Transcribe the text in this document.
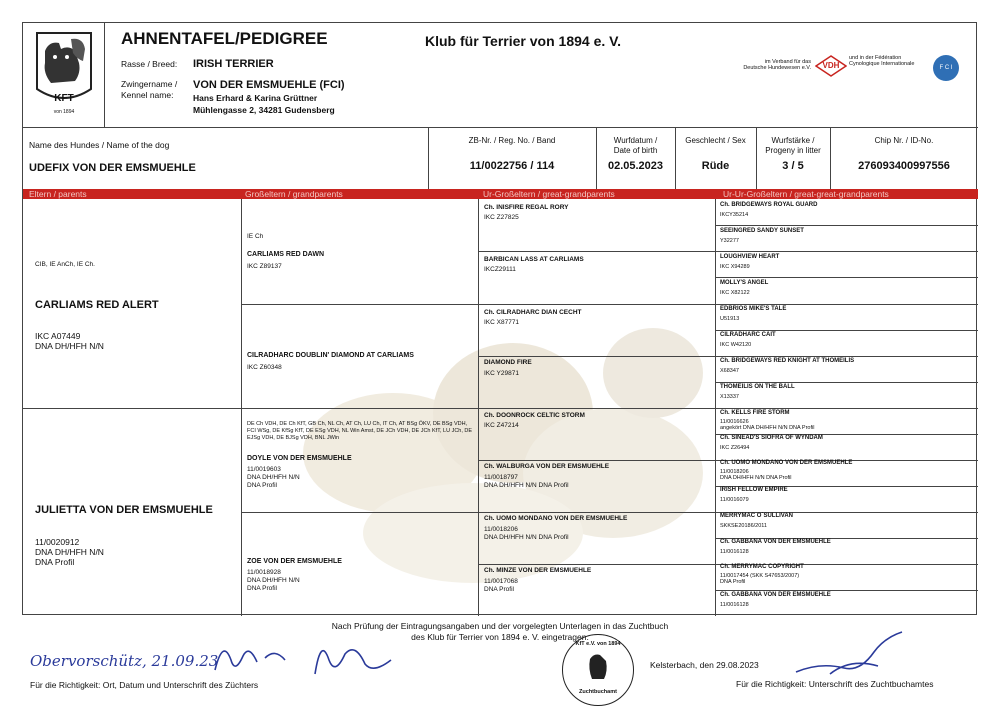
KFT
von 1894
AHNENTAFEL/PEDIGREE	Klub für Terrier von 1894 e. V.
Rasse / Breed: IRISH TERRIER
Zwingername /
Kennel name:
VON DER EMSMUEHLE (FCI)
Hans Erhard & Karina Grüttner
Mühlengasse 2, 34281 Gudensberg
im Verband für das
Deutsche Hundewesen e.V.	VDH
und in der Fédération
Cynologique Internationale
F C I
Name des Hundes / Name of the dog
UDEFIX VON DER EMSMUEHLE
ZB-Nr. / Reg. No. / Band
11/0022756 / 114
Wurfdatum /
Date of birth
02.05.2023
Geschlecht / Sex
Rüde
Wurfstärke /
Progeny in litter
3 / 5
Chip Nr. / ID-No.
276093400997556
Eltern / parents	Großeltern / grandparents	Ur-Großeltern / great-grandparents	Ur-Ur-Großeltern / great-great-grandparents
CIB, IE AnCh, IE Ch.
CARLIAMS RED ALERT
IKC A07449
DNA DH/HFH N/N
JULIETTA VON DER EMSMUEHLE
11/0020912
DNA DH/HFH N/N
DNA Profil
IE Ch
CARLIAMS RED DAWN
IKC Z89137
CILRADHARC DOUBLIN' DIAMOND AT CARLIAMS
IKC Z60348
DE Ch VDH, DE Ch KfT, GB Ch, NL Ch, AT Ch, LU Ch, IT Ch, AT BSg ÖKV, DE BSg VDH, FCI WSg, DE KfSg KfT, DE ESg VDH, NL Win Amst, DE JCh VDH, DE JCh KfT, LU JCh, DE EJSg VDH, DE BJSg VDH, BNL JWin
DOYLE VON DER EMSMUEHLE
11/0019603
DNA DH/HFH N/N
DNA Profil
ZOE VON DER EMSMUEHLE
11/0018928
DNA DH/HFH N/N
DNA Profil
Ch. INISFIRE REGAL RORY
IKC Z27825
BARBICAN LASS AT CARLIAMS
IKCZ29111
Ch. CILRADHARC DIAN CECHT
IKC X87771
DIAMOND FIRE
IKC Y29871
Ch. DOONROCK CELTIC STORM
IKC Z47214
Ch. WALBURGA VON DER EMSMUEHLE
11/0018797
DNA DH/HFH N/N DNA Profil
Ch. UOMO MONDANO VON DER EMSMUEHLE
11/0018206
DNA DH/HFH N/N DNA Profil
Ch. MINZE VON DER EMSMUEHLE
11/0017068
DNA Profil
Ch. BRIDGEWAYS ROYAL GUARD
IKCY35214
SEEINGRED SANDY SUNSET
Y32277
LOUGHVIEW HEART
IKC X94289
MOLLY'S ANGEL
IKC X82122
EDBRIOS MIKE'S TALE
U51913
CILRADHARC CAIT
IKC W42120
Ch. BRIDGEWAYS RED KNIGHT AT THOMEILIS
X68347
THOMEILIS ON THE BALL
X13337
Ch. KELLS FIRE STORM
11/0016626
angekört DNA DH/HFH N/N DNA Profil
Ch. SINEAD'S SIOFRA OF WYNDAM
IKC Z26494
Ch. UOMO MONDANO VON DER EMSMUEHLE
11/0018206
DNA DH/HFH N/N DNA Profil
IRISH FELLOW EMPIRE
11/0016079
MERRYMAC O`SULLIVAN
SKKSE20186/2011
Ch. GABBANA VON DER EMSMUEHLE
11/0016128
Ch. MERRYMAC COPYRIGHT
11/0017454 (SKK S47653/2007)
DNA Profil
Ch. GABBANA VON DER EMSMUEHLE
11/0016128
Nach Prüfung der Eintragungsangaben und der vorgelegten Unterlagen in das Zuchtbuch
des Klub für Terrier von 1894 e. V. eingetragen.
Obervorschütz, 21.09.23
Für die Richtigkeit: Ort, Datum und Unterschrift des Züchters
KfT e.V. von 1894
Zuchtbuchamt
Kelsterbach, den 29.08.2023
Für die Richtigkeit: Unterschrift des Zuchtbuchamtes
